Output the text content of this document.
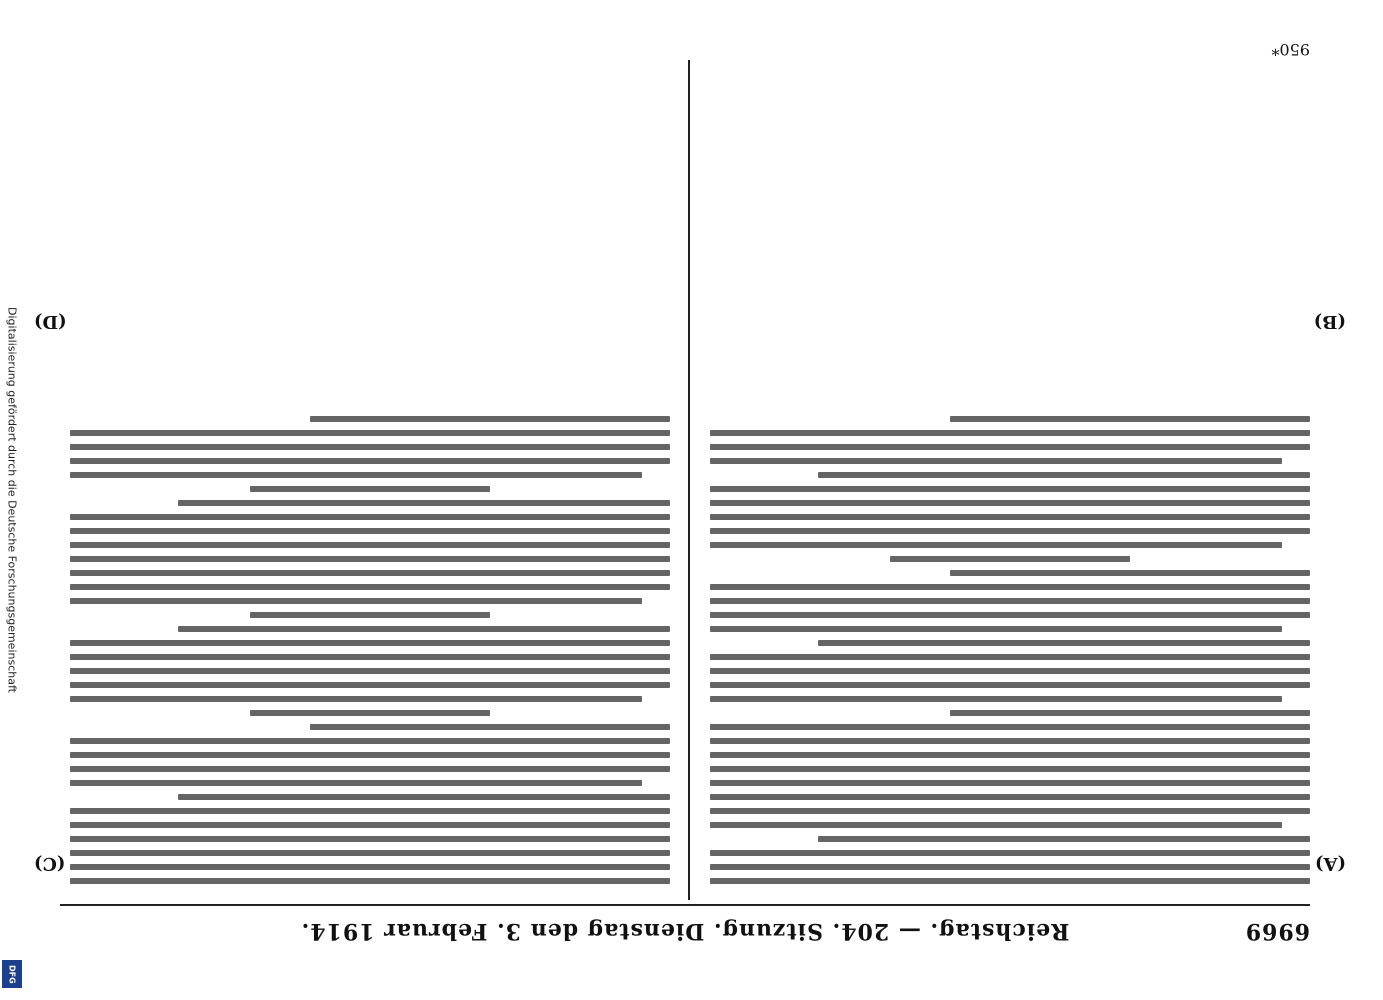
Digitalisierung gefördert durch die Deutsche Forschungsgemeinschaft
DFG
6969
Reichstag. — 204. Sitzung. Dienstag den 3. Februar 1914.
(A)
(B)
(C)
(D)
950*
